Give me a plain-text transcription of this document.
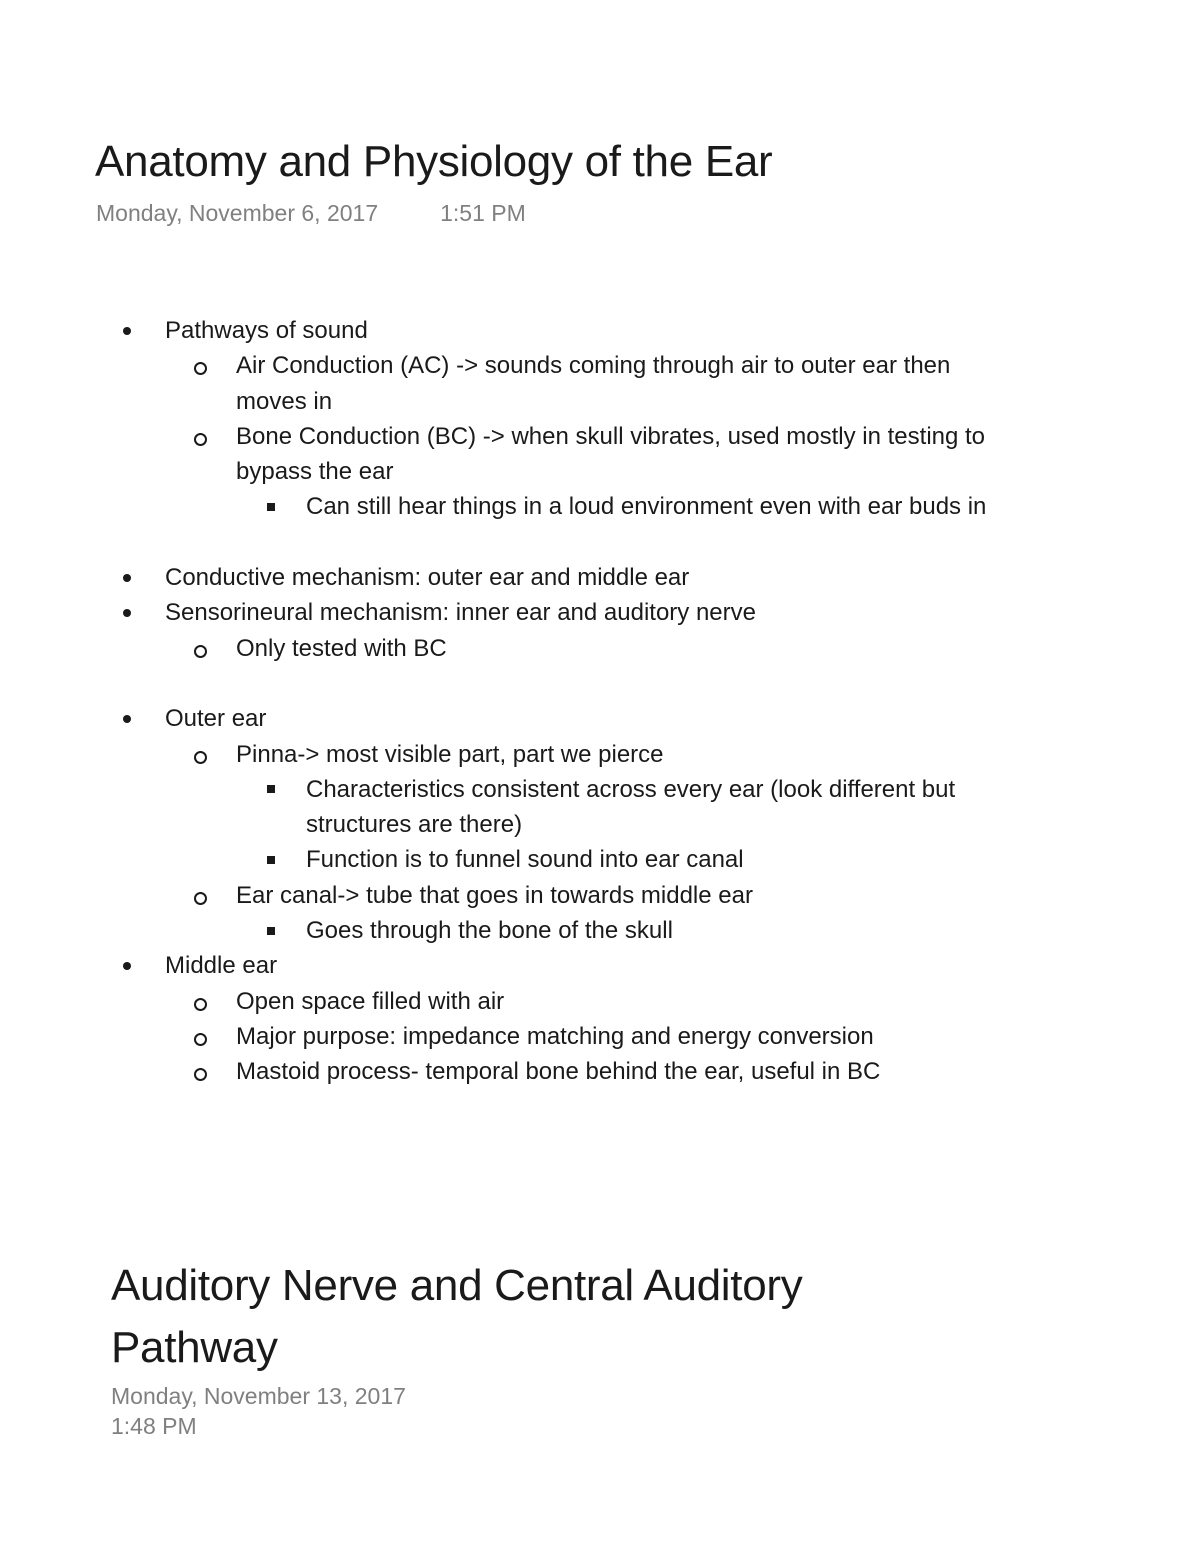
Anatomy and Physiology of the Ear
Monday, November 6, 2017	1:51 PM
Pathways of sound
Air Conduction (AC) -> sounds coming through air to outer ear then moves in
Bone Conduction (BC) -> when skull vibrates, used mostly in testing to bypass the ear
Can still hear things in a loud environment even with ear buds in
Conductive mechanism: outer ear and middle ear
Sensorineural mechanism: inner ear and auditory nerve
Only tested with BC
Outer ear
Pinna-> most visible part, part we pierce
Characteristics consistent across every ear (look different but structures are there)
Function is to funnel sound into ear canal
Ear canal-> tube that goes in towards middle ear
Goes through the bone of the skull
Middle ear
Open space filled with air
Major purpose: impedance matching and energy conversion
Mastoid process- temporal bone behind the ear, useful in BC
Auditory Nerve and Central Auditory Pathway
Monday, November 13, 2017
1:48 PM
